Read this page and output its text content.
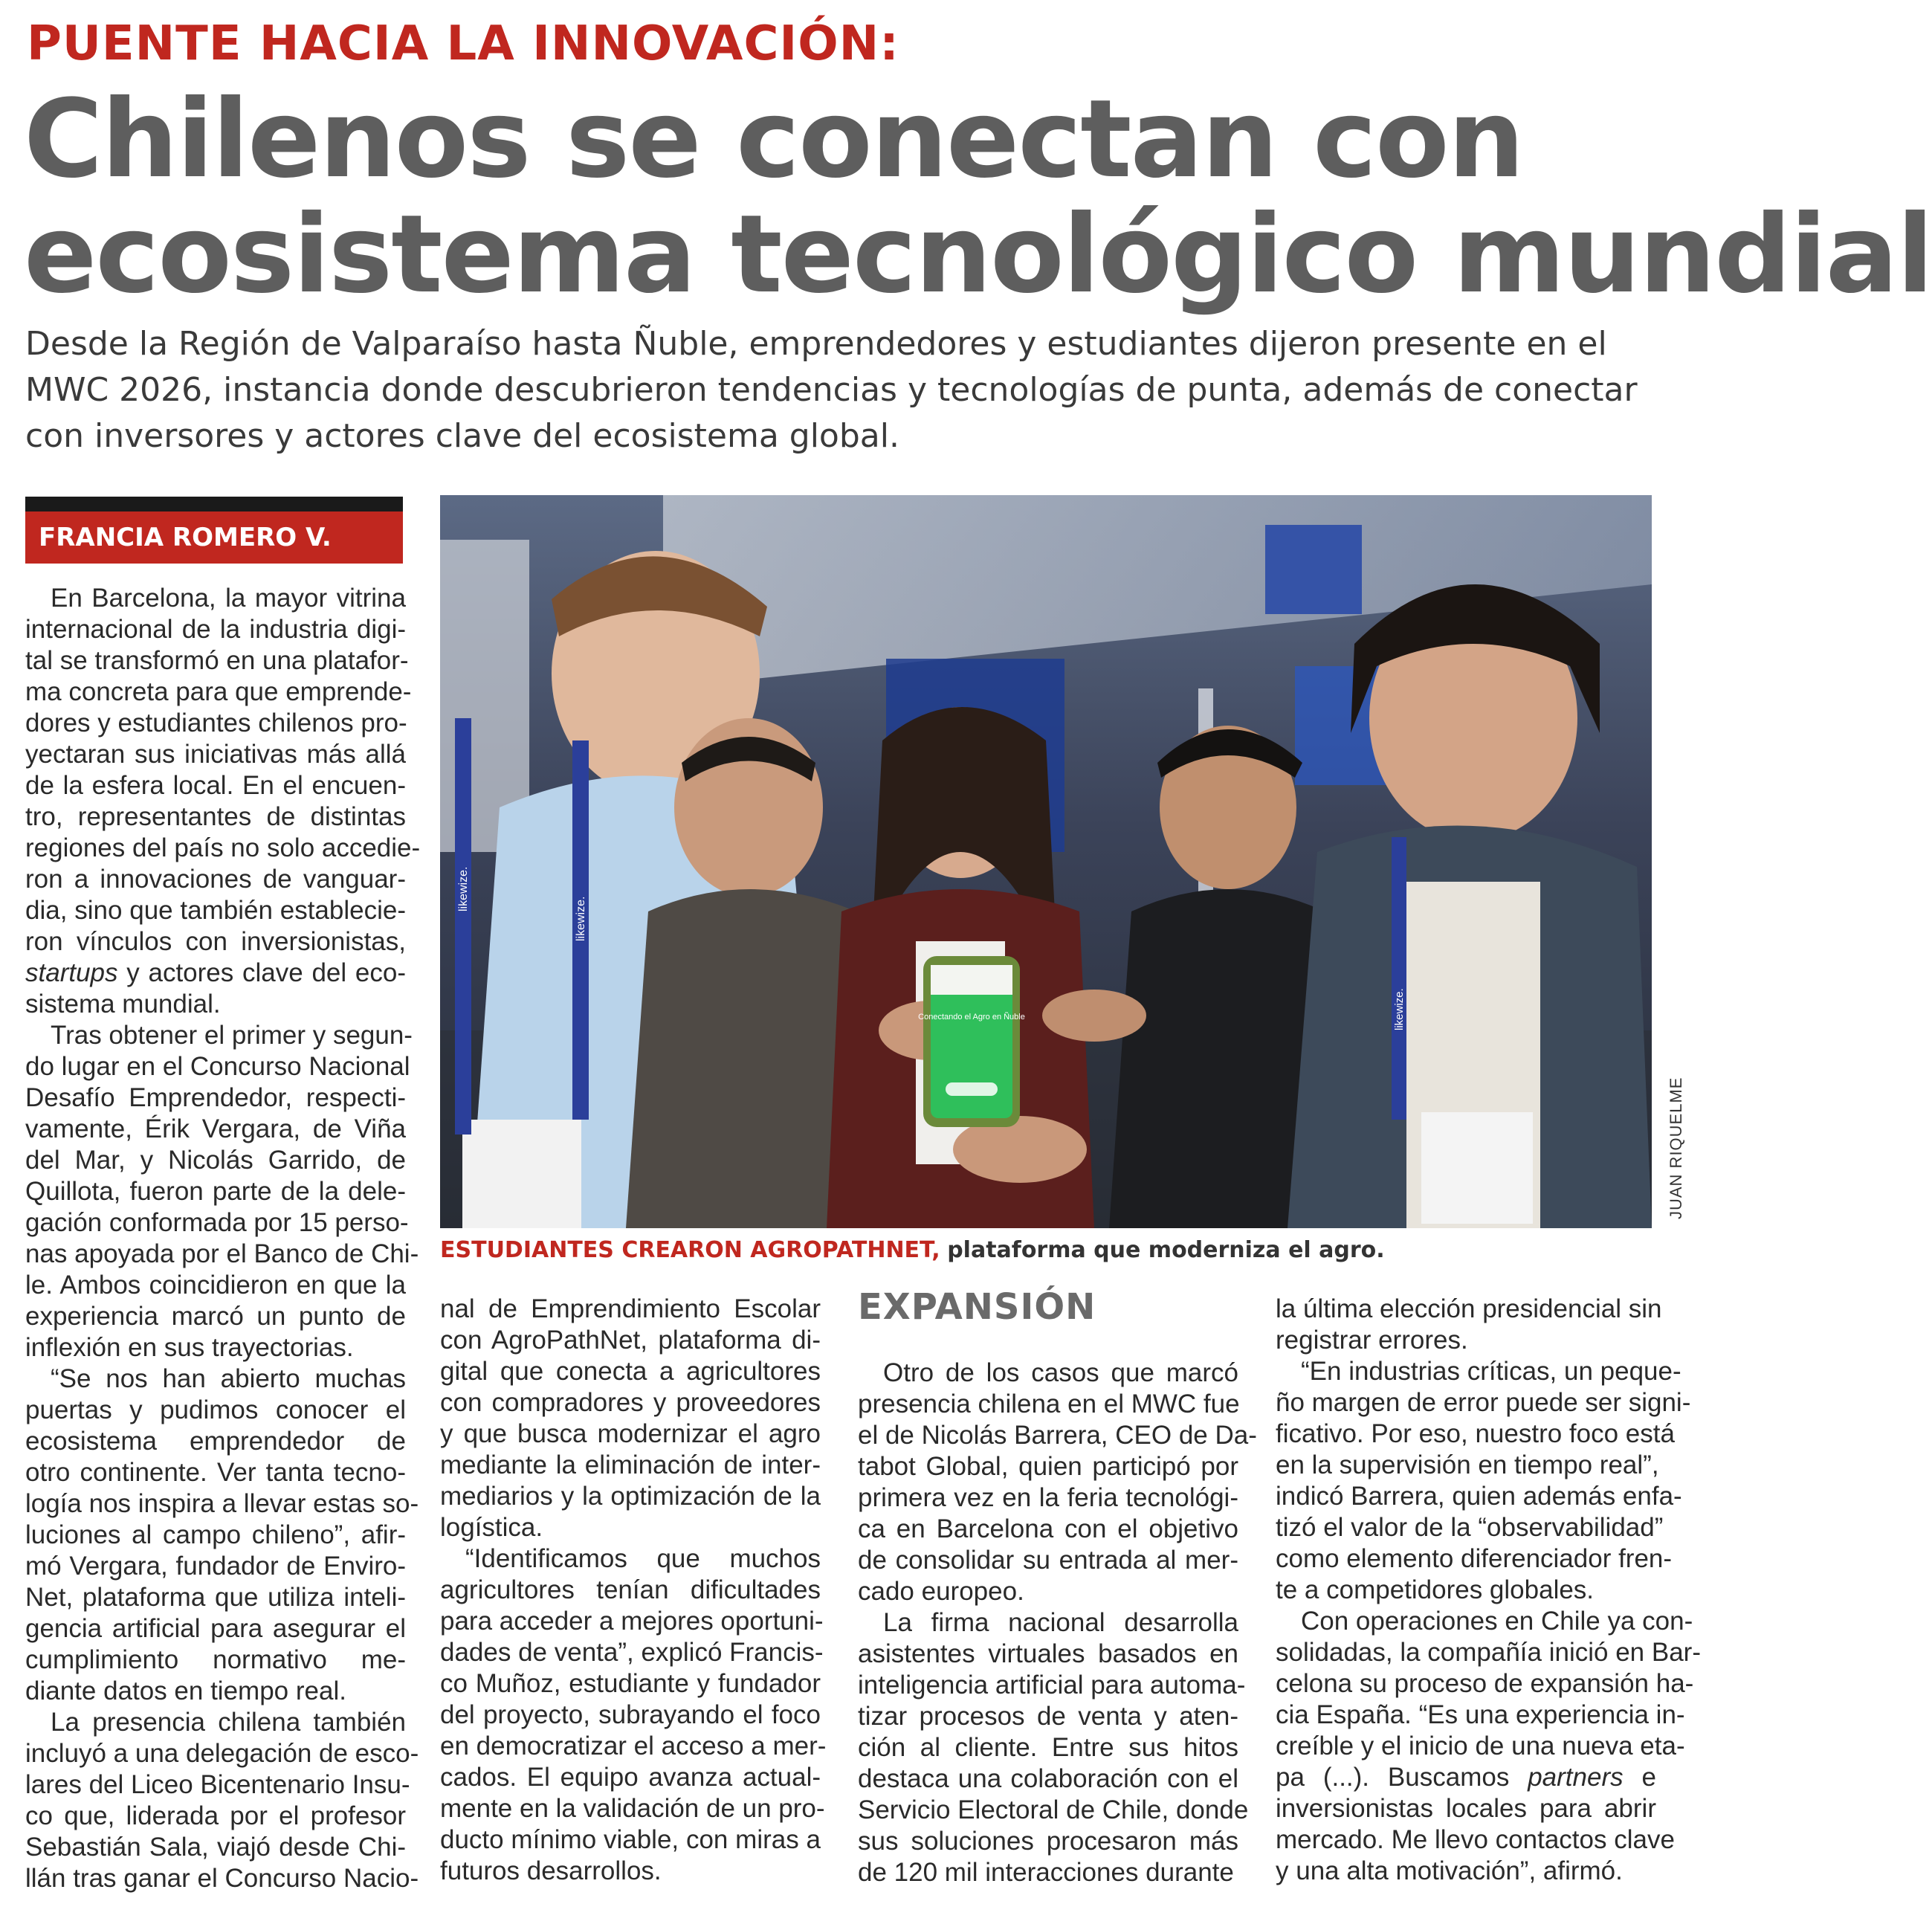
PUENTE HACIA LA INNOVACIÓN:
Chilenos se conectan con
ecosistema tecnológico mundial
Desde la Región de Valparaíso hasta Ñuble, emprendedores y estudiantes dijeron presente en el
MWC 2026, instancia donde descubrieron tendencias y tecnologías de punta, además de conectar
con inversores y actores clave del ecosistema global.
FRANCIA ROMERO V.
En Barcelona, la mayor vitrina
internacional de la industria digi-
tal se transformó en una platafor-
ma concreta para que emprende-
dores y estudiantes chilenos pro-
yectaran sus iniciativas más allá
de la esfera local. En el encuen-
tro, representantes de distintas
regiones del país no solo accedie-
ron a innovaciones de vanguar-
dia, sino que también establecie-
ron vínculos con inversionistas,
startups y actores clave del eco-
sistema mundial.
Tras obtener el primer y segun-
do lugar en el Concurso Nacional
Desafío Emprendedor, respecti-
vamente, Érik Vergara, de Viña
del Mar, y Nicolás Garrido, de
Quillota, fueron parte de la dele-
gación conformada por 15 perso-
nas apoyada por el Banco de Chi-
le. Ambos coincidieron en que la
experiencia marcó un punto de
inflexión en sus trayectorias.
“Se nos han abierto muchas
puertas y pudimos conocer el
ecosistema emprendedor de
otro continente. Ver tanta tecno-
logía nos inspira a llevar estas so-
luciones al campo chileno”, afir-
mó Vergara, fundador de Enviro-
Net, plataforma que utiliza inteli-
gencia artificial para asegurar el
cumplimiento normativo me-
diante datos en tiempo real.
La presencia chilena también
incluyó a una delegación de esco-
lares del Liceo Bicentenario Insu-
co que, liderada por el profesor
Sebastián Sala, viajó desde Chi-
llán tras ganar el Concurso Nacio-
Conectando el Agro en Ñuble
likewize.
likewize.
likewize.
JUAN RIQUELME
ESTUDIANTES CREARON AGROPATHNET, plataforma que moderniza el agro.
nal de Emprendimiento Escolar
con AgroPathNet, plataforma di-
gital que conecta a agricultores
con compradores y proveedores
y que busca modernizar el agro
mediante la eliminación de inter-
mediarios y la optimización de la
logística.
“Identificamos que muchos
agricultores tenían dificultades
para acceder a mejores oportuni-
dades de venta”, explicó Francis-
co Muñoz, estudiante y fundador
del proyecto, subrayando el foco
en democratizar el acceso a mer-
cados. El equipo avanza actual-
mente en la validación de un pro-
ducto mínimo viable, con miras a
futuros desarrollos.
EXPANSIÓN
Otro de los casos que marcó
presencia chilena en el MWC fue
el de Nicolás Barrera, CEO de Da-
tabot Global, quien participó por
primera vez en la feria tecnológi-
ca en Barcelona con el objetivo
de consolidar su entrada al mer-
cado europeo.
La firma nacional desarrolla
asistentes virtuales basados en
inteligencia artificial para automa-
tizar procesos de venta y aten-
ción al cliente. Entre sus hitos
destaca una colaboración con el
Servicio Electoral de Chile, donde
sus soluciones procesaron más
de 120 mil interacciones durante
la última elección presidencial sin
registrar errores.
“En industrias críticas, un peque-
ño margen de error puede ser signi-
ficativo. Por eso, nuestro foco está
en la supervisión en tiempo real”,
indicó Barrera, quien además enfa-
tizó el valor de la “observabilidad”
como elemento diferenciador fren-
te a competidores globales.
Con operaciones en Chile ya con-
solidadas, la compañía inició en Bar-
celona su proceso de expansión ha-
cia España. “Es una experiencia in-
creíble y el inicio de una nueva eta-
pa (...). Buscamos partners e
inversionistas locales para abrir
mercado. Me llevo contactos clave
y una alta motivación”, afirmó.
